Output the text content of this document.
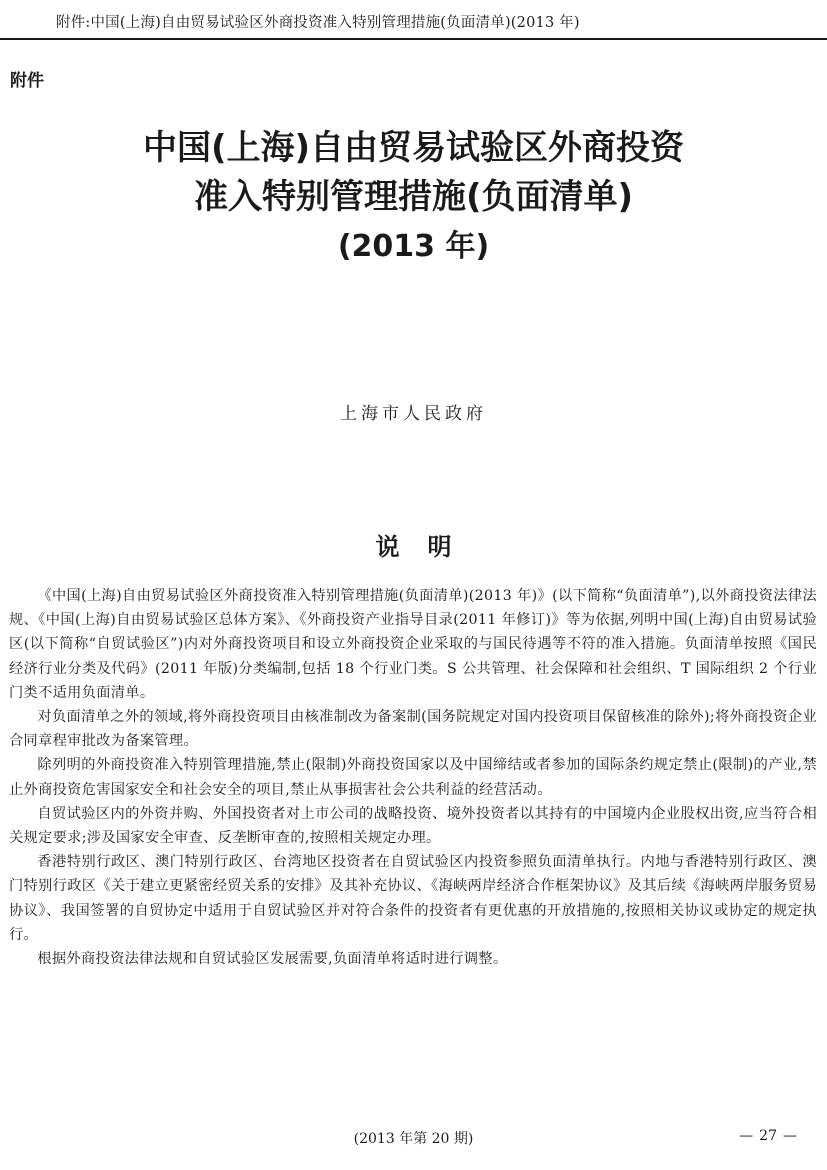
附件:中国(上海)自由贸易试验区外商投资准入特别管理措施(负面清单)(2013 年)
附件
中国(上海)自由贸易试验区外商投资
准入特别管理措施(负面清单)
(2013 年)
上海市人民政府
说明

《中国(上海)自由贸易试验区外商投资准入特别管理措施(负面清单)(2013 年)》(以下简称“负面清单”),以外商投资法律法规、《中国(上海)自由贸易试验区总体方案》、《外商投资产业指导目录(2011 年修订)》等为依据,列明中国(上海)自由贸易试验区(以下简称“自贸试验区”)内对外商投资项目和设立外商投资企业采取的与国民待遇等不符的准入措施。负面清单按照《国民经济行业分类及代码》(2011 年版)分类编制,包括 18 个行业门类。S 公共管理、社会保障和社会组织、T 国际组织 2 个行业门类不适用负面清单。

对负面清单之外的领域,将外商投资项目由核准制改为备案制(国务院规定对国内投资项目保留核准的除外);将外商投资企业合同章程审批改为备案管理。

除列明的外商投资准入特别管理措施,禁止(限制)外商投资国家以及中国缔结或者参加的国际条约规定禁止(限制)的产业,禁止外商投资危害国家安全和社会安全的项目,禁止从事损害社会公共利益的经营活动。

自贸试验区内的外资并购、外国投资者对上市公司的战略投资、境外投资者以其持有的中国境内企业股权出资,应当符合相关规定要求;涉及国家安全审查、反垄断审查的,按照相关规定办理。

香港特别行政区、澳门特别行政区、台湾地区投资者在自贸试验区内投资参照负面清单执行。内地与香港特别行政区、澳门特别行政区《关于建立更紧密经贸关系的安排》及其补充协议、《海峡两岸经济合作框架协议》及其后续《海峡两岸服务贸易协议》、我国签署的自贸协定中适用于自贸试验区并对符合条件的投资者有更优惠的开放措施的,按照相关协议或协定的规定执行。

根据外商投资法律法规和自贸试验区发展需要,负面清单将适时进行调整。

(2013 年第 20 期)	— 27 —
